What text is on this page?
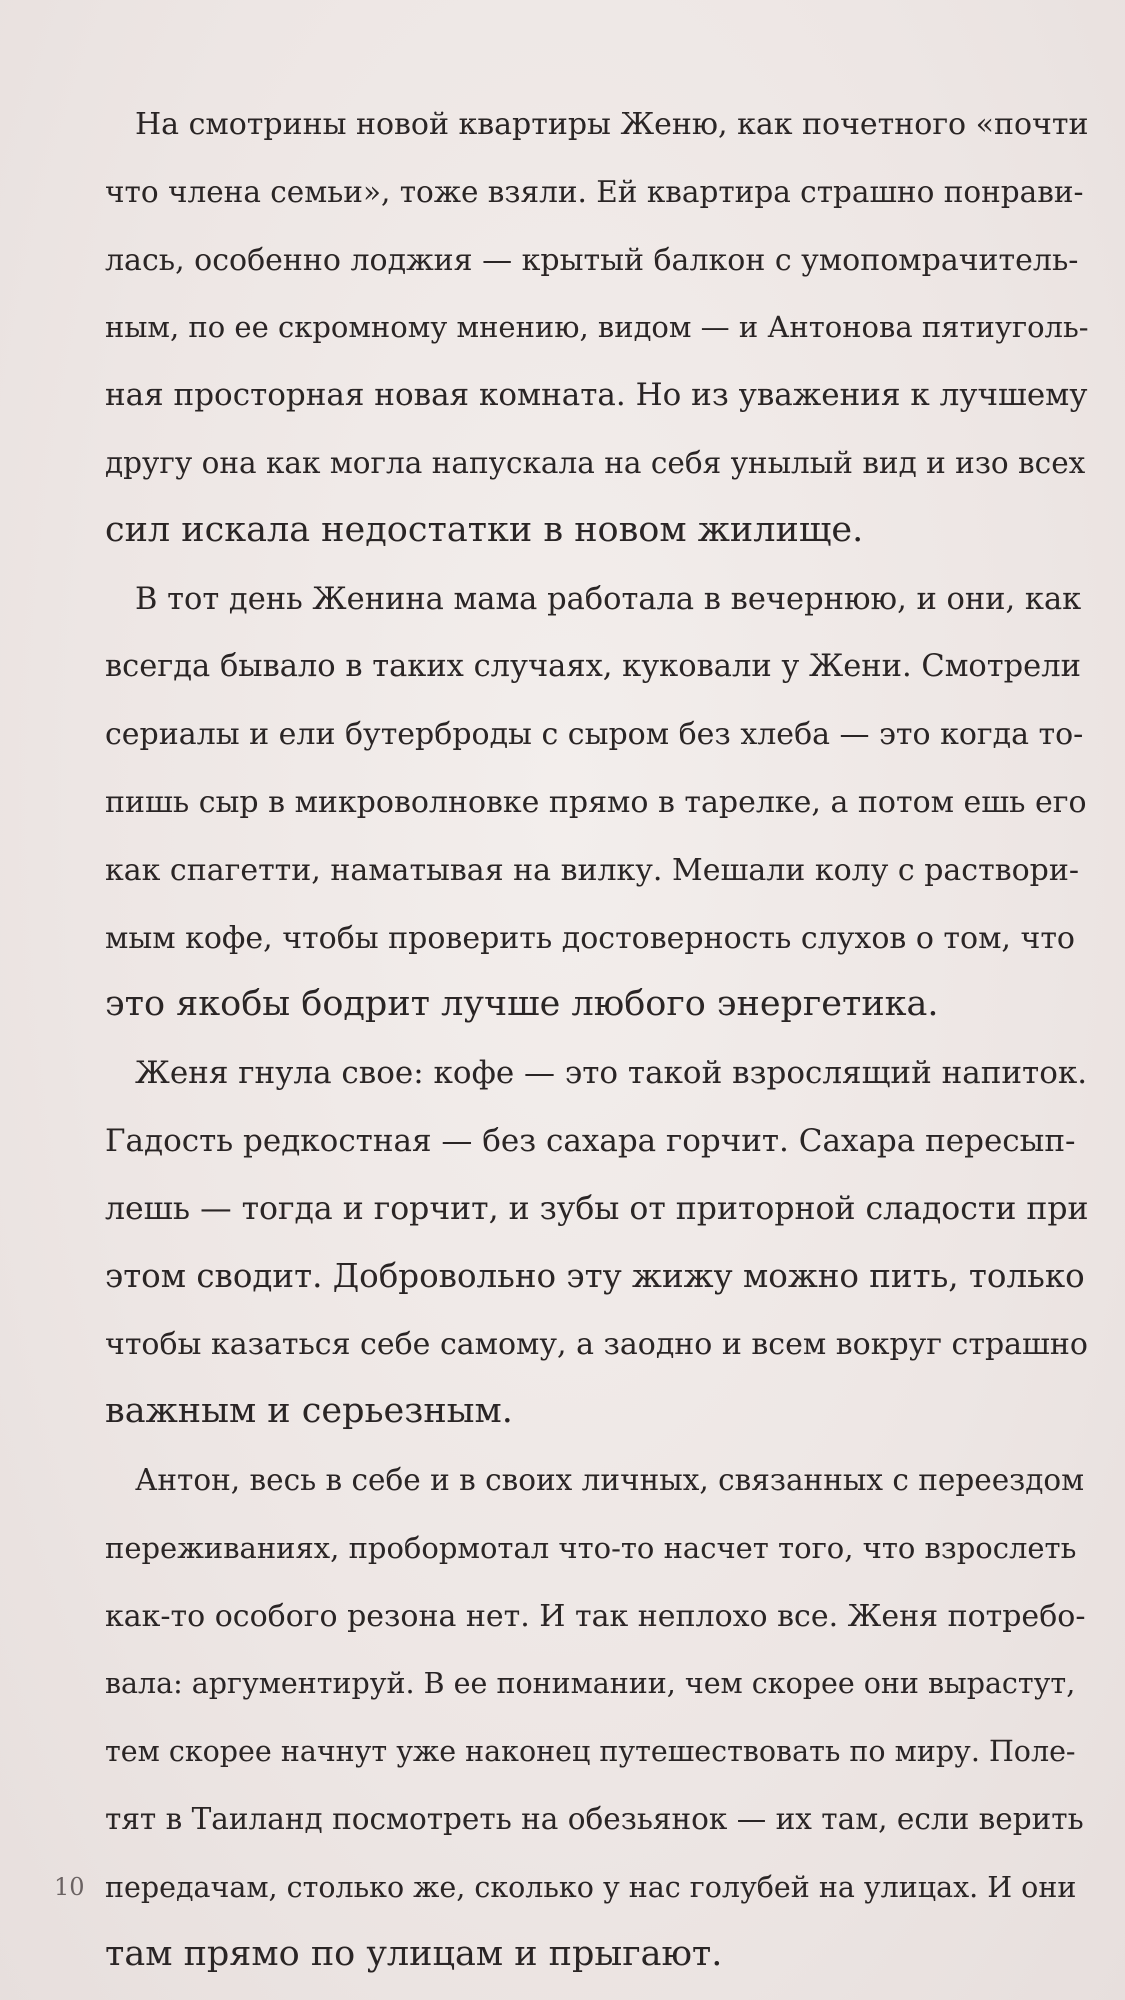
На смотрины новой квартиры Женю, как почетного «почти
что члена семьи», тоже взяли. Ей квартира страшно понрави-
лась, особенно лоджия — крытый балкон с умопомрачитель-
ным, по ее скромному мнению, видом — и Антонова пятиуголь-
ная просторная новая комната. Но из уважения к лучшему
другу она как могла напускала на себя унылый вид и изо всех
сил искала недостатки в новом жилище.
В тот день Женина мама работала в вечернюю, и они, как
всегда бывало в таких случаях, куковали у Жени. Смотрели
сериалы и ели бутерброды с сыром без хлеба — это когда то-
пишь сыр в микроволновке прямо в тарелке, а потом ешь его
как спагетти, наматывая на вилку. Мешали колу с раствори-
мым кофе, чтобы проверить достоверность слухов о том, что
это якобы бодрит лучше любого энергетика.
Женя гнула свое: кофе — это такой взрослящий напиток.
Гадость редкостная — без сахара горчит. Сахара пересып-
лешь — тогда и горчит, и зубы от приторной сладости при
этом сводит. Добровольно эту жижу можно пить, только
чтобы казаться себе самому, а заодно и всем вокруг страшно
важным и серьезным.
Антон, весь в себе и в своих личных, связанных с переездом
переживаниях, пробормотал что-то насчет того, что взрослеть
как-то особого резона нет. И так неплохо все. Женя потребо-
вала: аргументируй. В ее понимании, чем скорее они вырастут,
тем скорее начнут уже наконец путешествовать по миру. Поле-
тят в Таиланд посмотреть на обезьянок — их там, если верить
передачам, столько же, сколько у нас голубей на улицах. И они
там прямо по улицам и прыгают.
10
